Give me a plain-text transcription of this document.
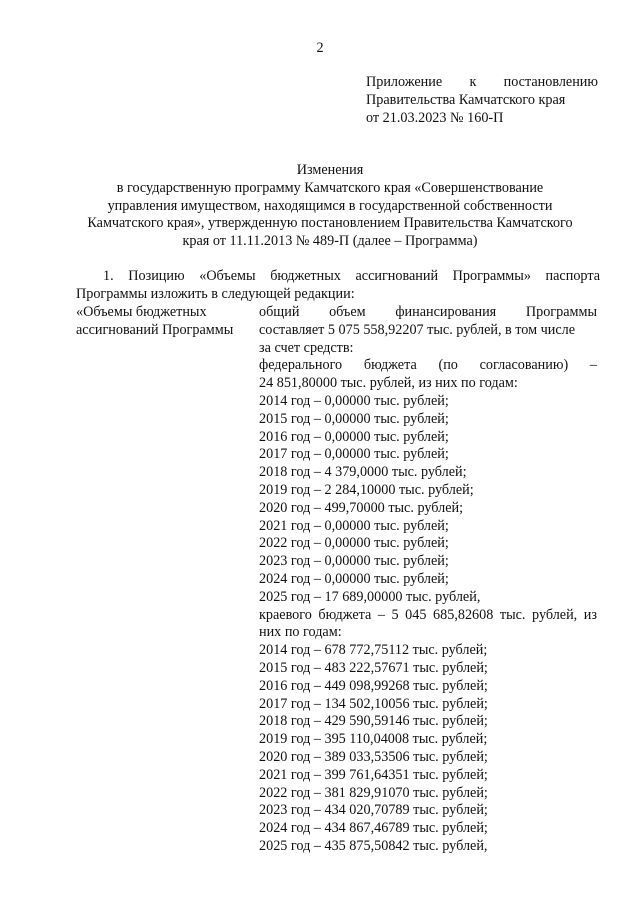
2
Приложение к постановлению
Правительства Камчатского края
от 21.03.2023 № 160-П
Изменения
в государственную программу Камчатского края «Совершенствование
управления имуществом, находящимся в государственной собственности
Камчатского края», утвержденную постановлением Правительства Камчатского
края от 11.11.2013 № 489-П (далее – Программа)
1. Позицию «Объемы бюджетных ассигнований Программы» паспорта
Программы изложить в следующей редакции:
«Объемы бюджетных
ассигнований Программы
общий объем финансирования Программы
составляет 5 075 558,92207 тыс. рублей, в том числе
за счет средств:
федерального бюджета (по согласованию) –
24 851,80000 тыс. рублей, из них по годам:
2014 год – 0,00000 тыс. рублей;
2015 год – 0,00000 тыс. рублей;
2016 год – 0,00000 тыс. рублей;
2017 год – 0,00000 тыс. рублей;
2018 год – 4 379,0000 тыс. рублей;
2019 год – 2 284,10000 тыс. рублей;
2020 год – 499,70000 тыс. рублей;
2021 год – 0,00000 тыс. рублей;
2022 год – 0,00000 тыс. рублей;
2023 год – 0,00000 тыс. рублей;
2024 год – 0,00000 тыс. рублей;
2025 год – 17 689,00000 тыс. рублей,
краевого бюджета – 5 045 685,82608 тыс. рублей, из
них по годам:
2014 год – 678 772,75112 тыс. рублей;
2015 год – 483 222,57671 тыс. рублей;
2016 год – 449 098,99268 тыс. рублей;
2017 год – 134 502,10056 тыс. рублей;
2018 год – 429 590,59146 тыс. рублей;
2019 год – 395 110,04008 тыс. рублей;
2020 год – 389 033,53506 тыс. рублей;
2021 год – 399 761,64351 тыс. рублей;
2022 год – 381 829,91070 тыс. рублей;
2023 год – 434 020,70789 тыс. рублей;
2024 год – 434 867,46789 тыс. рублей;
2025 год – 435 875,50842 тыс. рублей,
